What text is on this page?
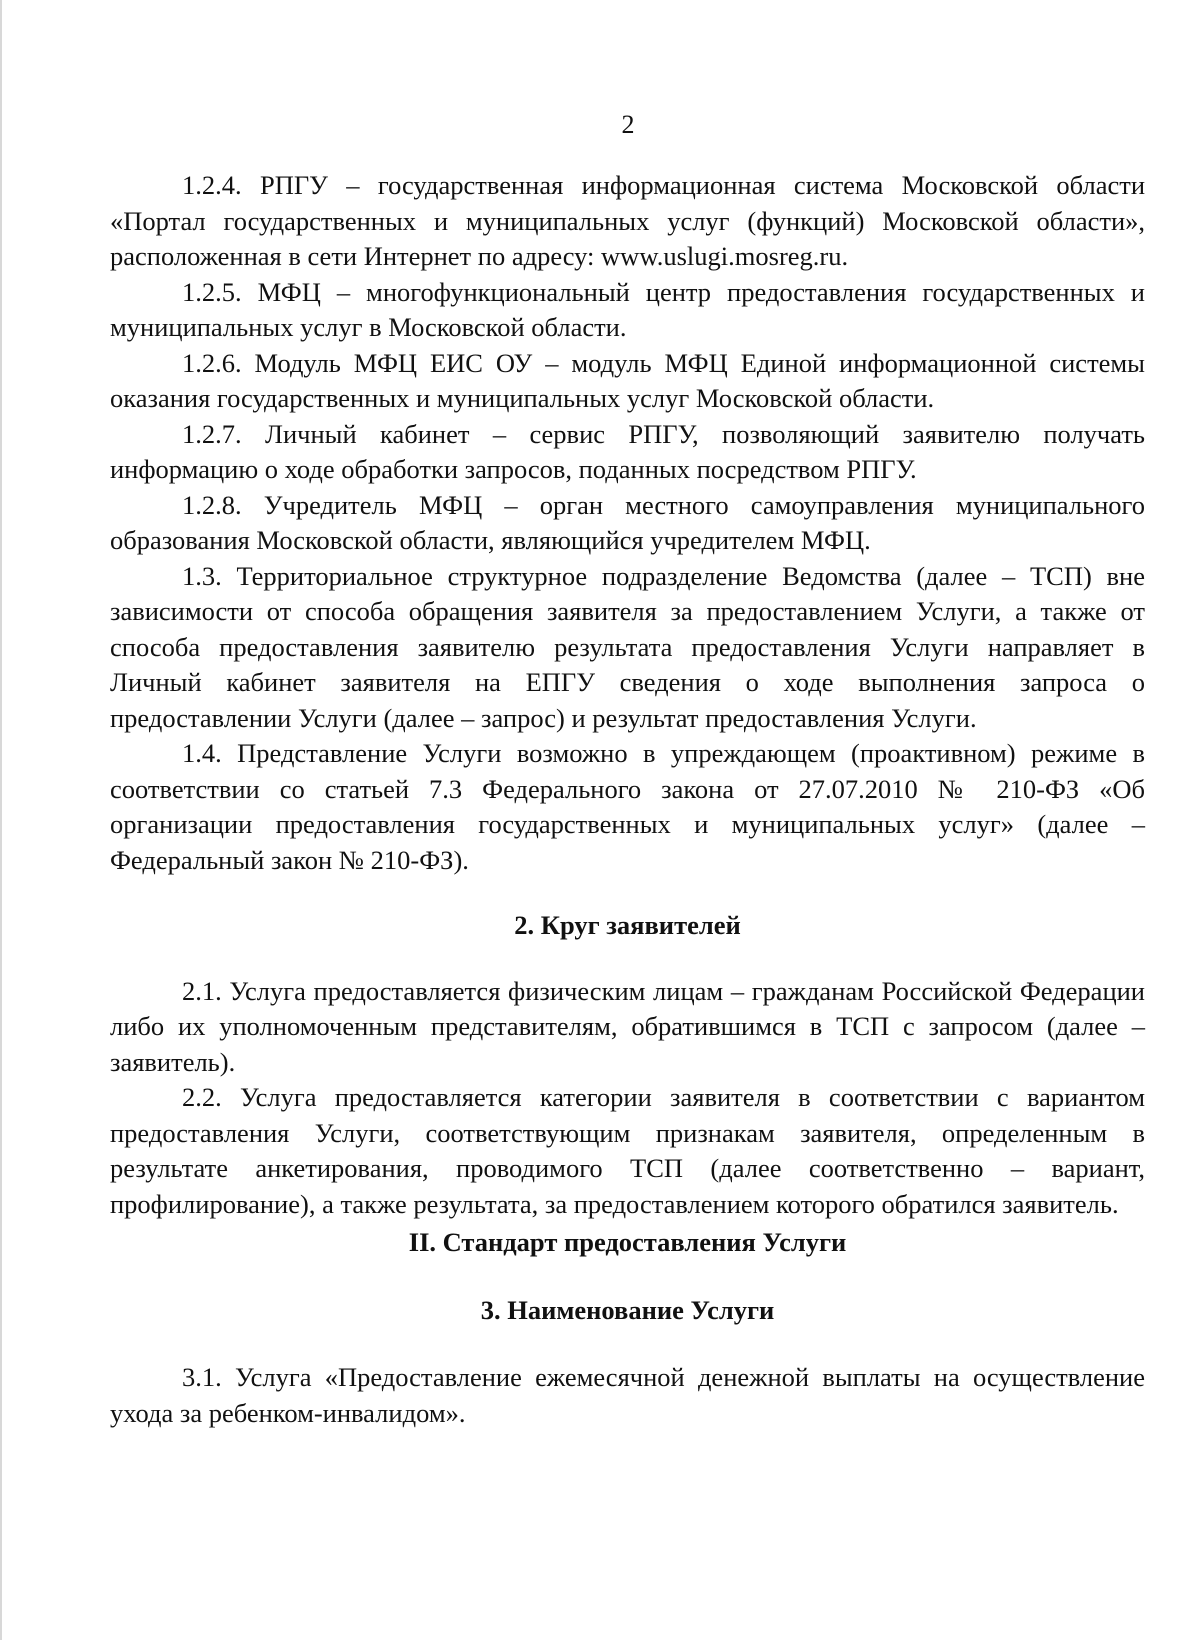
2

1.2.4. РПГУ – государственная информационная система Московской области «Портал государственных и муниципальных услуг (функций) Московской области», расположенная в сети Интернет по адресу: www.uslugi.mosreg.ru.

1.2.5. МФЦ – многофункциональный центр предоставления государственных и муниципальных услуг в Московской области.

1.2.6. Модуль МФЦ ЕИС ОУ – модуль МФЦ Единой информационной системы оказания государственных и муниципальных услуг Московской области.

1.2.7. Личный кабинет – сервис РПГУ, позволяющий заявителю получать информацию о ходе обработки запросов, поданных посредством РПГУ.

1.2.8. Учредитель МФЦ – орган местного самоуправления муниципального образования Московской области, являющийся учредителем МФЦ.

1.3. Территориальное структурное подразделение Ведомства (далее – ТСП) вне зависимости от способа обращения заявителя за предоставлением Услуги, а также от способа предоставления заявителю результата предоставления Услуги направляет в Личный кабинет заявителя на ЕПГУ сведения о ходе выполнения запроса о предоставлении Услуги (далее – запрос) и результат предоставления Услуги.

1.4. Представление Услуги возможно в упреждающем (проактивном) режиме в соответствии со статьей 7.3 Федерального закона от 27.07.2010 № 210-ФЗ «Об организации предоставления государственных и муниципальных услуг» (далее – Федеральный закон № 210-ФЗ).

2. Круг заявителей

2.1. Услуга предоставляется физическим лицам – гражданам Российской Федерации либо их уполномоченным представителям, обратившимся в ТСП с запросом (далее – заявитель).

2.2. Услуга предоставляется категории заявителя в соответствии с вариантом предоставления Услуги, соответствующим признакам заявителя, определенным в результате анкетирования, проводимого ТСП (далее соответственно – вариант, профилирование), а также результата, за предоставлением которого обратился заявитель.

II. Стандарт предоставления Услуги
3. Наименование Услуги

3.1. Услуга «Предоставление ежемесячной денежной выплаты на осуществление ухода за ребенком-инвалидом».
